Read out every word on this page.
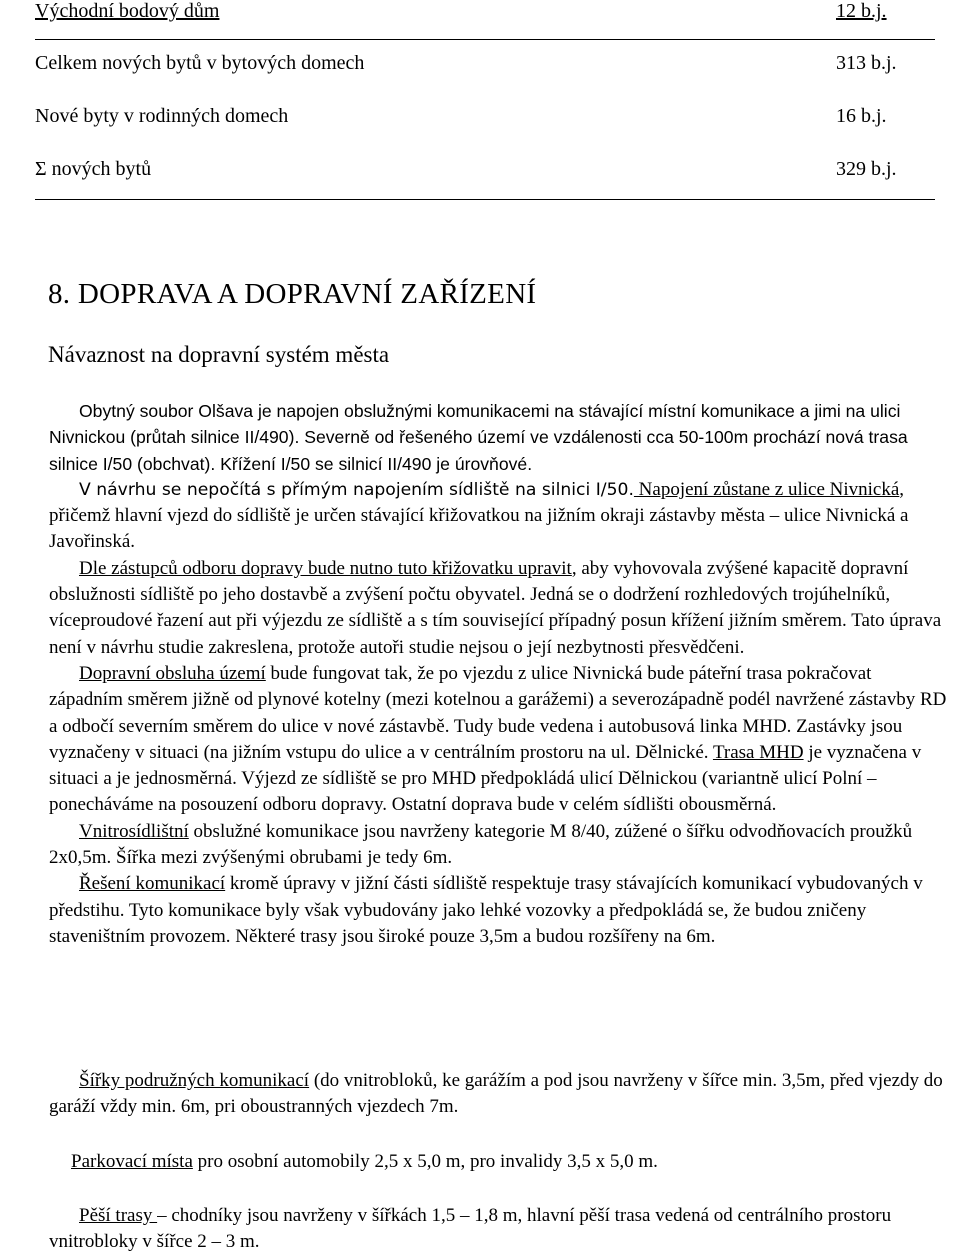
Východní bodový dům	12 b.j.
Celkem nových bytů v bytových domech	313 b.j.
Nové byty v rodinných domech	16 b.j.
Σ nových bytů	329 b.j.
8. DOPRAVA A DOPRAVNÍ ZAŘÍZENÍ
Návaznost na dopravní systém města

Obytný soubor Olšava je napojen obslužnými komunikacemi na stávající místní komunikace a jimi na ulici Nivnickou (průtah silnice II/490). Severně od řešeného území ve vzdálenosti cca 50-100m prochází nová trasa silnice I/50 (obchvat). Křížení I/50 se silnicí II/490 je úrovňové.

V návrhu se nepočítá s přímým napojením sídliště na silnici I/50. Napojení zůstane z ulice Nivnická, přičemž hlavní vjezd do sídliště je určen stávající křižovatkou na jižním okraji zástavby města – ulice Nivnická a Javořinská.

Dle zástupců odboru dopravy bude nutno tuto křižovatku upravit, aby vyhovovala zvýšené kapacitě dopravní obslužnosti sídliště po jeho dostavbě a zvýšení počtu obyvatel. Jedná se o dodržení rozhledových trojúhelníků, víceproudové řazení aut při výjezdu ze sídliště a s tím související případný posun křížení jižním směrem. Tato úprava není v návrhu studie zakreslena, protože autoři studie nejsou o její nezbytnosti přesvědčeni.

Dopravní obsluha území bude fungovat tak, že po vjezdu z ulice Nivnická bude páteřní trasa pokračovat západním směrem jižně od plynové kotelny (mezi kotelnou a garážemi) a severozápadně podél navržené zástavby RD a odbočí severním směrem do ulice v nové zástavbě. Tudy bude vedena i autobusová linka MHD. Zastávky jsou vyznačeny v situaci (na jižním vstupu do ulice a v centrálním prostoru na ul. Dělnické. Trasa MHD je vyznačena v situaci a je jednosměrná. Výjezd ze sídliště se pro MHD předpokládá ulicí Dělnickou (variantně ulicí Polní – ponecháváme na posouzení odboru dopravy. Ostatní doprava bude v celém sídlišti obousměrná.

Vnitrosídlištní obslužné komunikace jsou navrženy kategorie M 8/40, zúžené o šířku odvodňovacích proužků 2x0,5m. Šířka mezi zvýšenými obrubami je tedy 6m.

Řešení komunikací kromě úpravy v jižní části sídliště respektuje trasy stávajících komunikací vybudovaných v předstihu. Tyto komunikace byly však vybudovány jako lehké vozovky a předpokládá se, že budou zničeny staveništním provozem. Některé trasy jsou široké pouze 3,5m a budou rozšířeny na 6m.

Šířky podružných komunikací (do vnitrobloků, ke garážím a pod jsou navrženy v šířce min. 3,5m, před vjezdy do garáží vždy min. 6m, pri oboustranných vjezdech 7m.

Parkovací místa pro osobní automobily 2,5 x 5,0 m, pro invalidy 3,5 x 5,0 m.

Pěší trasy – chodníky jsou navrženy v šířkách 1,5 – 1,8 m, hlavní pěší trasa vedená od centrálního prostoru vnitrobloky v šířce 2 – 3 m.
